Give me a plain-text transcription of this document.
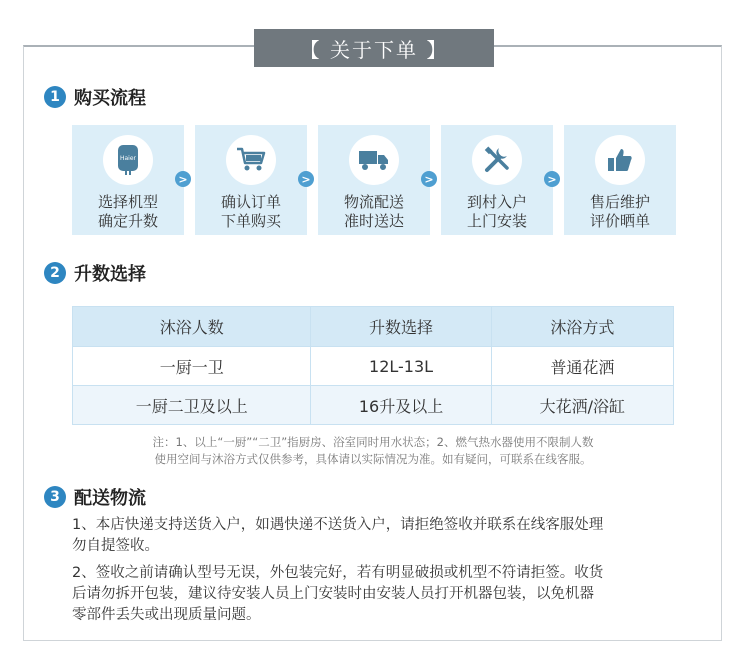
【 关于下单 】
1 购买流程
Haier
选择机型
确定升数
>
确认订单
下单购买
>
物流配送
准时送达
>
到村入户
上门安装
>
售后维护
评价晒单
2 升数选择
沐浴人数	升数选择	沐浴方式
一厨一卫	12L-13L	普通花洒
一厨二卫及以上	16升及以上	大花洒/浴缸
注：1、以上“一厨”“二卫”指厨房、浴室同时用水状态；2、燃气热水器使用不限制人数
使用空间与沐浴方式仅供参考，具体请以实际情况为准。如有疑问，可联系在线客服。
3 配送物流
1、本店快递支持送货入户，如遇快递不送货入户，请拒绝签收并联系在线客服处理
勿自提签收。
2、签收之前请确认型号无误，外包装完好，若有明显破损或机型不符请拒签。收货
后请勿拆开包装，建议待安装人员上门安装时由安装人员打开机器包装，以免机器
零部件丢失或出现质量问题。
